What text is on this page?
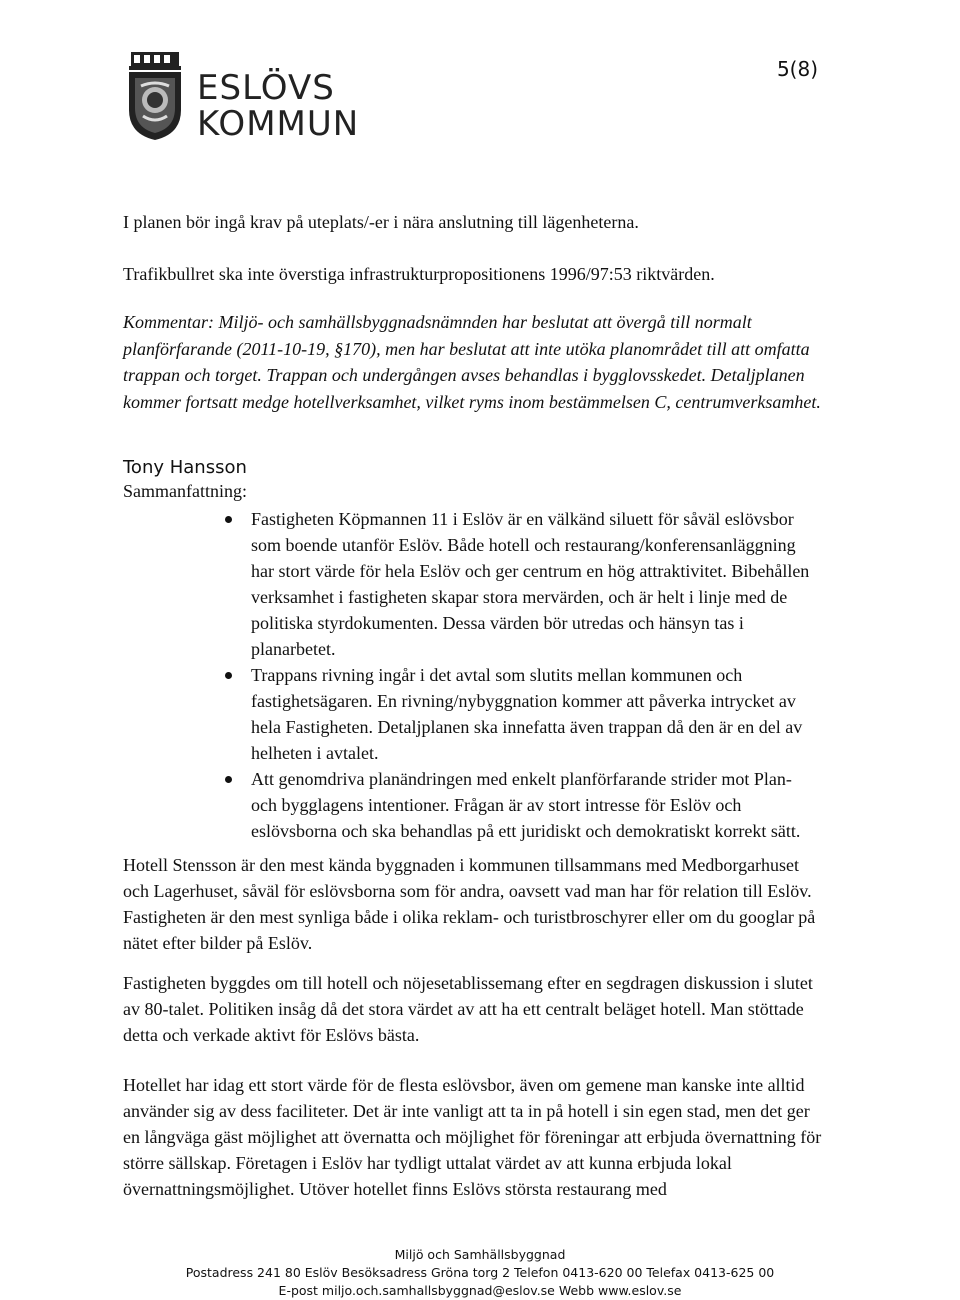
ESLÖVS
KOMMUN
5(8)
I planen bör ingå krav på uteplats/-er i nära anslutning till lägenheterna.
Trafikbullret ska inte överstiga infrastrukturpropositionens 1996/97:53 riktvärden.
Kommentar: Miljö- och samhällsbyggnadsnämnden har beslutat att övergå till normalt planförfarande (2011-10-19, §170), men har beslutat att inte utöka planområdet till att omfatta trappan och torget. Trappan och undergången avses behandlas i bygglovsskedet. Detaljplanen kommer fortsatt medge hotellverksamhet, vilket ryms inom bestämmelsen C, centrumverksamhet.
Tony Hansson
Sammanfattning:
Fastigheten Köpmannen 11 i Eslöv är en välkänd siluett för såväl eslövsbor som boende utanför Eslöv. Både hotell och restaurang/konferensanläggning har stort värde för hela Eslöv och ger centrum en hög attraktivitet. Bibehållen verksamhet i fastigheten skapar stora mervärden, och är helt i linje med de politiska styrdokumenten. Dessa värden bör utredas och hänsyn tas i planarbetet.
Trappans rivning ingår i det avtal som slutits mellan kommunen och fastighetsägaren. En rivning/nybyggnation kommer att påverka intrycket av hela Fastigheten. Detaljplanen ska innefatta även trappan då den är en del av helheten i avtalet.
Att genomdriva planändringen med enkelt planförfarande strider mot Plan- och bygglagens intentioner. Frågan är av stort intresse för Eslöv och eslövsborna och ska behandlas på ett juridiskt och demokratiskt korrekt sätt.
Hotell Stensson är den mest kända byggnaden i kommunen tillsammans med Medborgarhuset och Lagerhuset, såväl för eslövsborna som för andra, oavsett vad man har för relation till Eslöv. Fastigheten är den mest synliga både i olika reklam- och turistbroschyrer eller om du googlar på nätet efter bilder på Eslöv.
Fastigheten byggdes om till hotell och nöjesetablissemang efter en segdragen diskussion i slutet av 80-talet. Politiken insåg då det stora värdet av att ha ett centralt beläget hotell. Man stöttade detta och verkade aktivt för Eslövs bästa.
Hotellet har idag ett stort värde för de flesta eslövsbor, även om gemene man kanske inte alltid använder sig av dess faciliteter. Det är inte vanligt att ta in på hotell i sin egen stad, men det ger en långväga gäst möjlighet att övernatta och möjlighet för föreningar att erbjuda övernattning för större sällskap. Företagen i Eslöv har tydligt uttalat värdet av att kunna erbjuda lokal övernattningsmöjlighet. Utöver hotellet finns Eslövs största restaurang med
Miljö och Samhällsbyggnad
Postadress 241 80 Eslöv Besöksadress Gröna torg 2 Telefon 0413-620 00 Telefax 0413-625 00
E-post miljo.och.samhallsbyggnad@eslov.se Webb www.eslov.se
